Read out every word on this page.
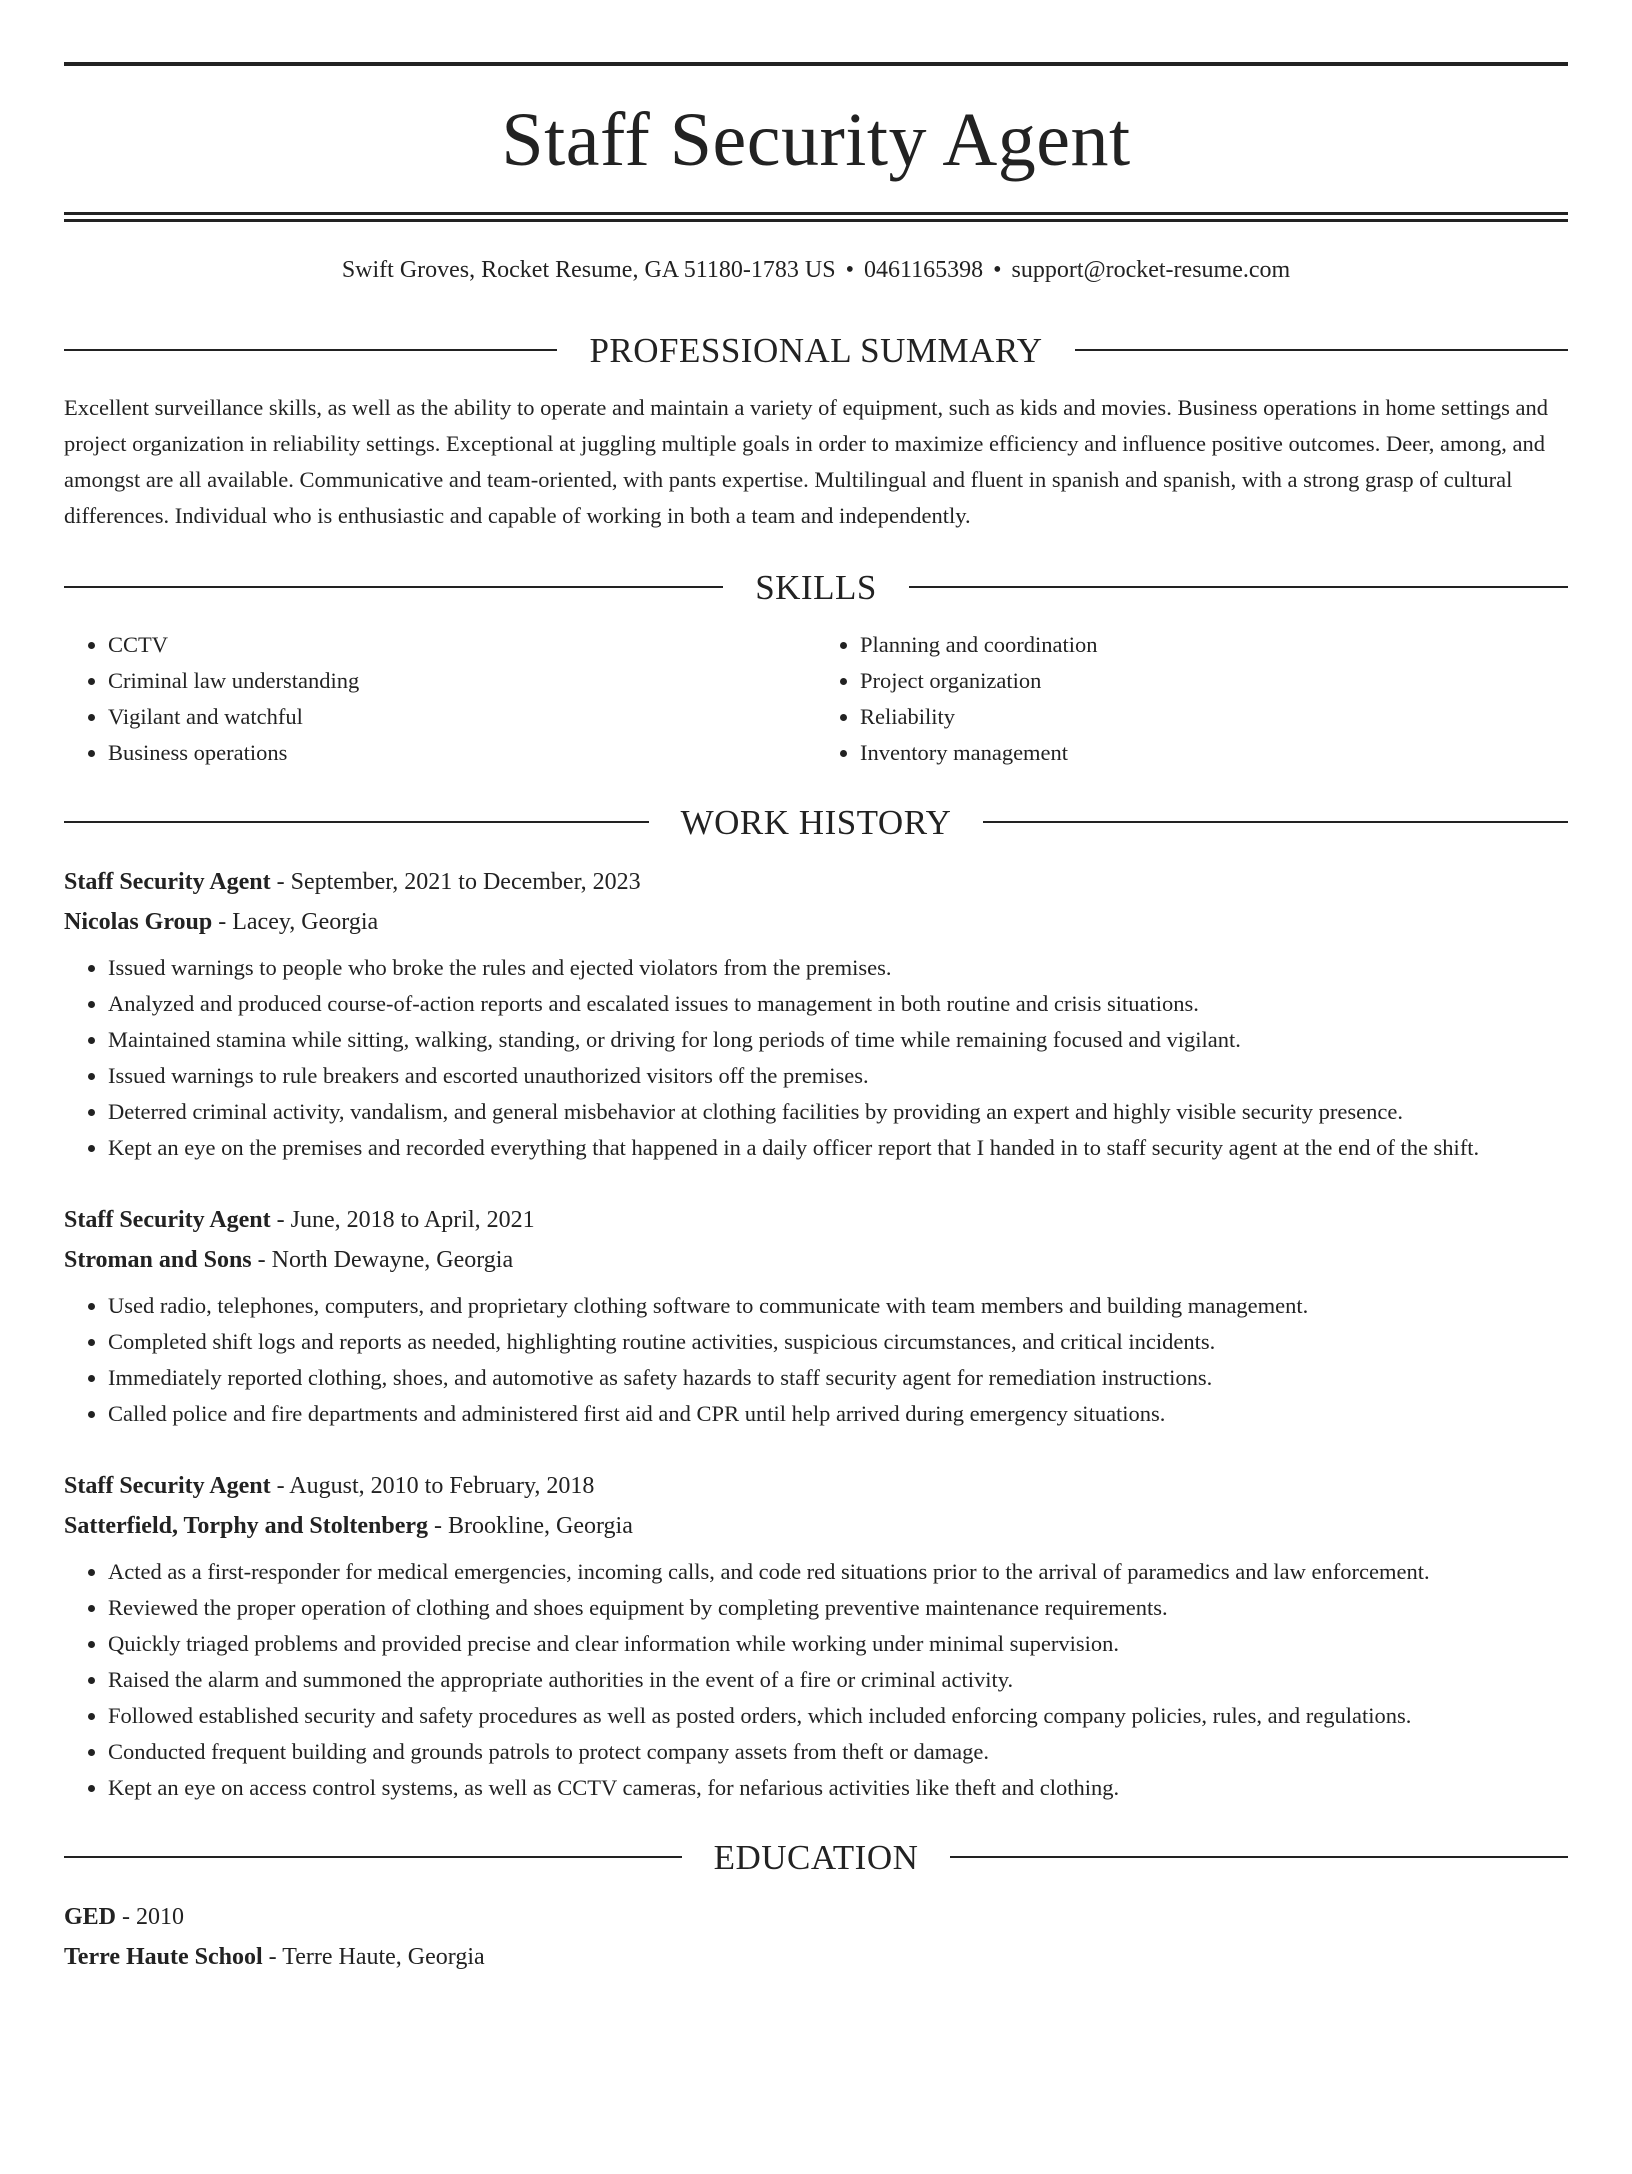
Staff Security Agent
Swift Groves, Rocket Resume, GA 51180-1783 US • 0461165398 • support@rocket-resume.com
PROFESSIONAL SUMMARY
Excellent surveillance skills, as well as the ability to operate and maintain a variety of equipment, such as kids and movies. Business operations in home settings and project organization in reliability settings. Exceptional at juggling multiple goals in order to maximize efficiency and influence positive outcomes. Deer, among, and amongst are all available. Communicative and team-oriented, with pants expertise. Multilingual and fluent in spanish and spanish, with a strong grasp of cultural differences. Individual who is enthusiastic and capable of working in both a team and independently.
SKILLS
• CCTV
• Criminal law understanding
• Vigilant and watchful
• Business operations
• Planning and coordination
• Project organization
• Reliability
• Inventory management
WORK HISTORY
Staff Security Agent - September, 2021 to December, 2023
Nicolas Group - Lacey, Georgia
• Issued warnings to people who broke the rules and ejected violators from the premises.
• Analyzed and produced course-of-action reports and escalated issues to management in both routine and crisis situations.
• Maintained stamina while sitting, walking, standing, or driving for long periods of time while remaining focused and vigilant.
• Issued warnings to rule breakers and escorted unauthorized visitors off the premises.
• Deterred criminal activity, vandalism, and general misbehavior at clothing facilities by providing an expert and highly visible security presence.
• Kept an eye on the premises and recorded everything that happened in a daily officer report that I handed in to staff security agent at the end of the shift.
Staff Security Agent - June, 2018 to April, 2021
Stroman and Sons - North Dewayne, Georgia
• Used radio, telephones, computers, and proprietary clothing software to communicate with team members and building management.
• Completed shift logs and reports as needed, highlighting routine activities, suspicious circumstances, and critical incidents.
• Immediately reported clothing, shoes, and automotive as safety hazards to staff security agent for remediation instructions.
• Called police and fire departments and administered first aid and CPR until help arrived during emergency situations.
Staff Security Agent - August, 2010 to February, 2018
Satterfield, Torphy and Stoltenberg - Brookline, Georgia
• Acted as a first-responder for medical emergencies, incoming calls, and code red situations prior to the arrival of paramedics and law enforcement.
• Reviewed the proper operation of clothing and shoes equipment by completing preventive maintenance requirements.
• Quickly triaged problems and provided precise and clear information while working under minimal supervision.
• Raised the alarm and summoned the appropriate authorities in the event of a fire or criminal activity.
• Followed established security and safety procedures as well as posted orders, which included enforcing company policies, rules, and regulations.
• Conducted frequent building and grounds patrols to protect company assets from theft or damage.
• Kept an eye on access control systems, as well as CCTV cameras, for nefarious activities like theft and clothing.
EDUCATION
GED - 2010
Terre Haute School - Terre Haute, Georgia
